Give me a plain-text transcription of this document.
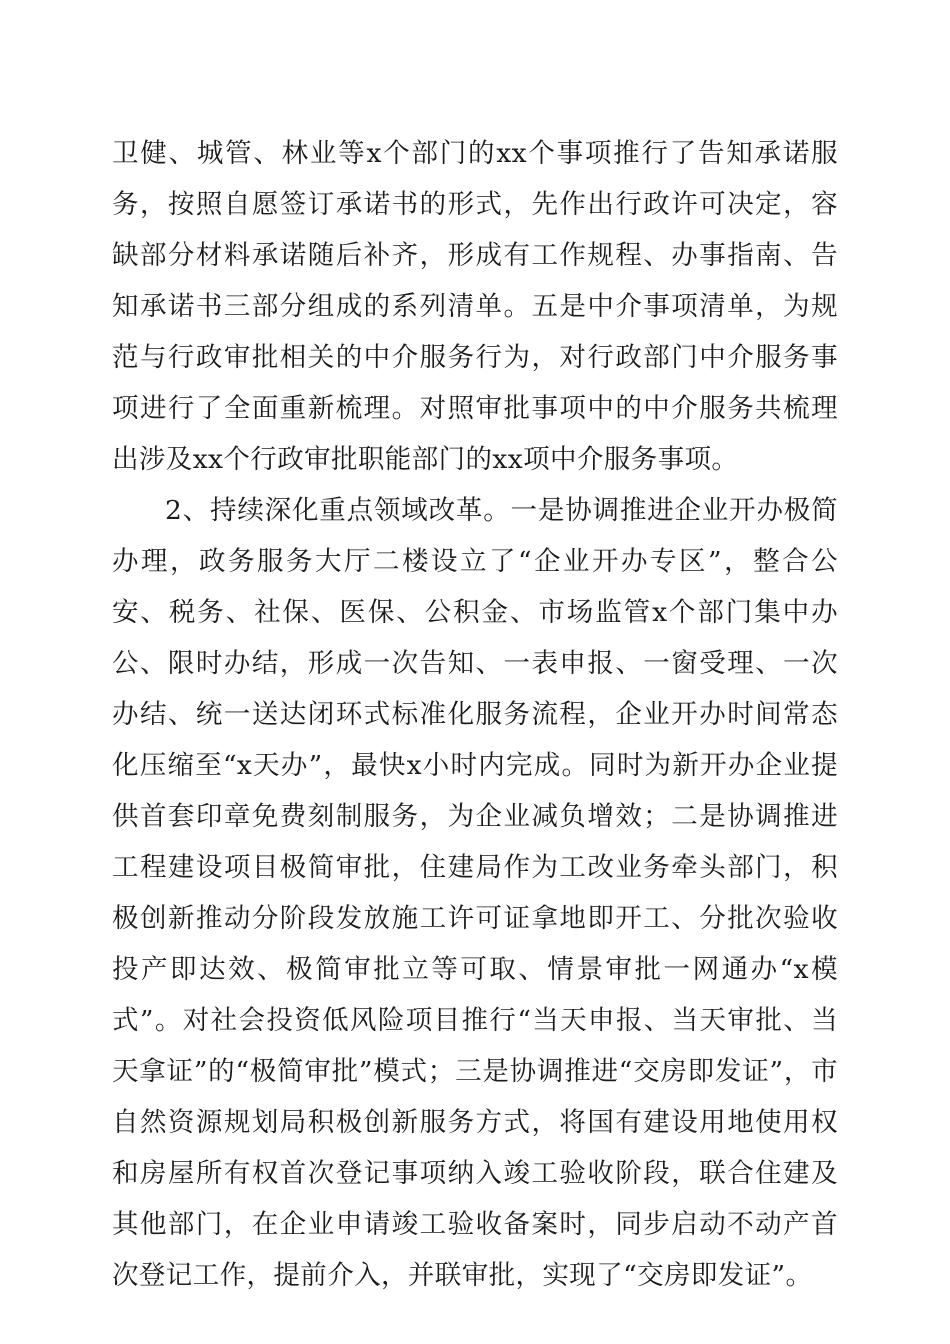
卫健、城管、林业等x个部门的xx个事项推行了告知承诺服务，按照自愿签订承诺书的形式，先作出行政许可决定，容缺部分材料承诺随后补齐，形成有工作规程、办事指南、告知承诺书三部分组成的系列清单。五是中介事项清单，为规范与行政审批相关的中介服务行为，对行政部门中介服务事项进行了全面重新梳理。对照审批事项中的中介服务共梳理出涉及xx个行政审批职能部门的xx项中介服务事项。

2、持续深化重点领域改革。一是协调推进企业开办极简办理，政务服务大厅二楼设立了“企业开办专区”，整合公安、税务、社保、医保、公积金、市场监管x个部门集中办公、限时办结，形成一次告知、一表申报、一窗受理、一次办结、统一送达闭环式标准化服务流程，企业开办时间常态化压缩至“x天办”，最快x小时内完成。同时为新开办企业提供首套印章免费刻制服务，为企业减负增效；二是协调推进工程建设项目极简审批，住建局作为工改业务牵头部门，积极创新推动分阶段发放施工许可证拿地即开工、分批次验收投产即达效、极简审批立等可取、情景审批一网通办“x模式”。对社会投资低风险项目推行“当天申报、当天审批、当天拿证”的“极简审批”模式；三是协调推进“交房即发证”，市自然资源规划局积极创新服务方式，将国有建设用地使用权和房屋所有权首次登记事项纳入竣工验收阶段，联合住建及其他部门，在企业申请竣工验收备案时，同步启动不动产首次登记工作，提前介入，并联审批，实现了“交房即发证”。
